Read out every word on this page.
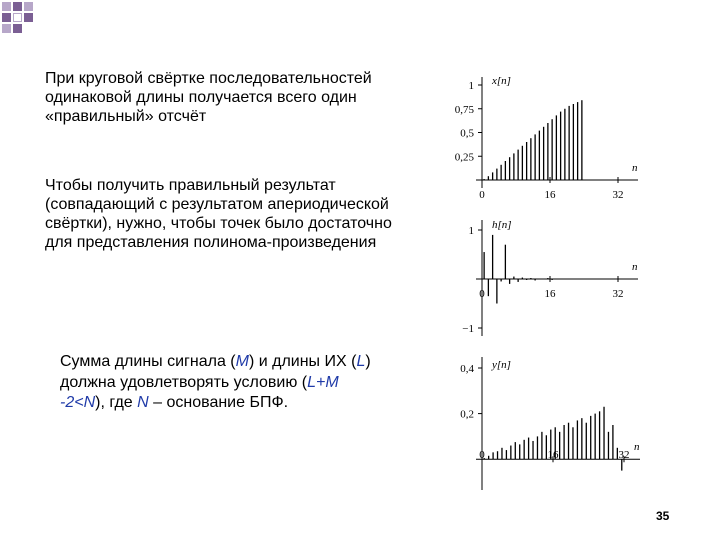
При круговой свёртке последовательностей одинаковой длины получается всего один «правильный» отсчёт

Чтобы получить правильный результат (совпадающий с результатом апериодической свёртки), нужно, чтобы точек было достаточно для представления полинома-произведения

Сумма длины сигнала (M) и длины ИХ (L) должна удовлетворять условию (L+M
-2<N), где N – основание БПФ.

1
0,75
0,5
0,25
0	16	32
x[n]
n
1
−1
0	16	32
h[n]
n
0,4
0,2
0	16	32
y[n]
n
35
